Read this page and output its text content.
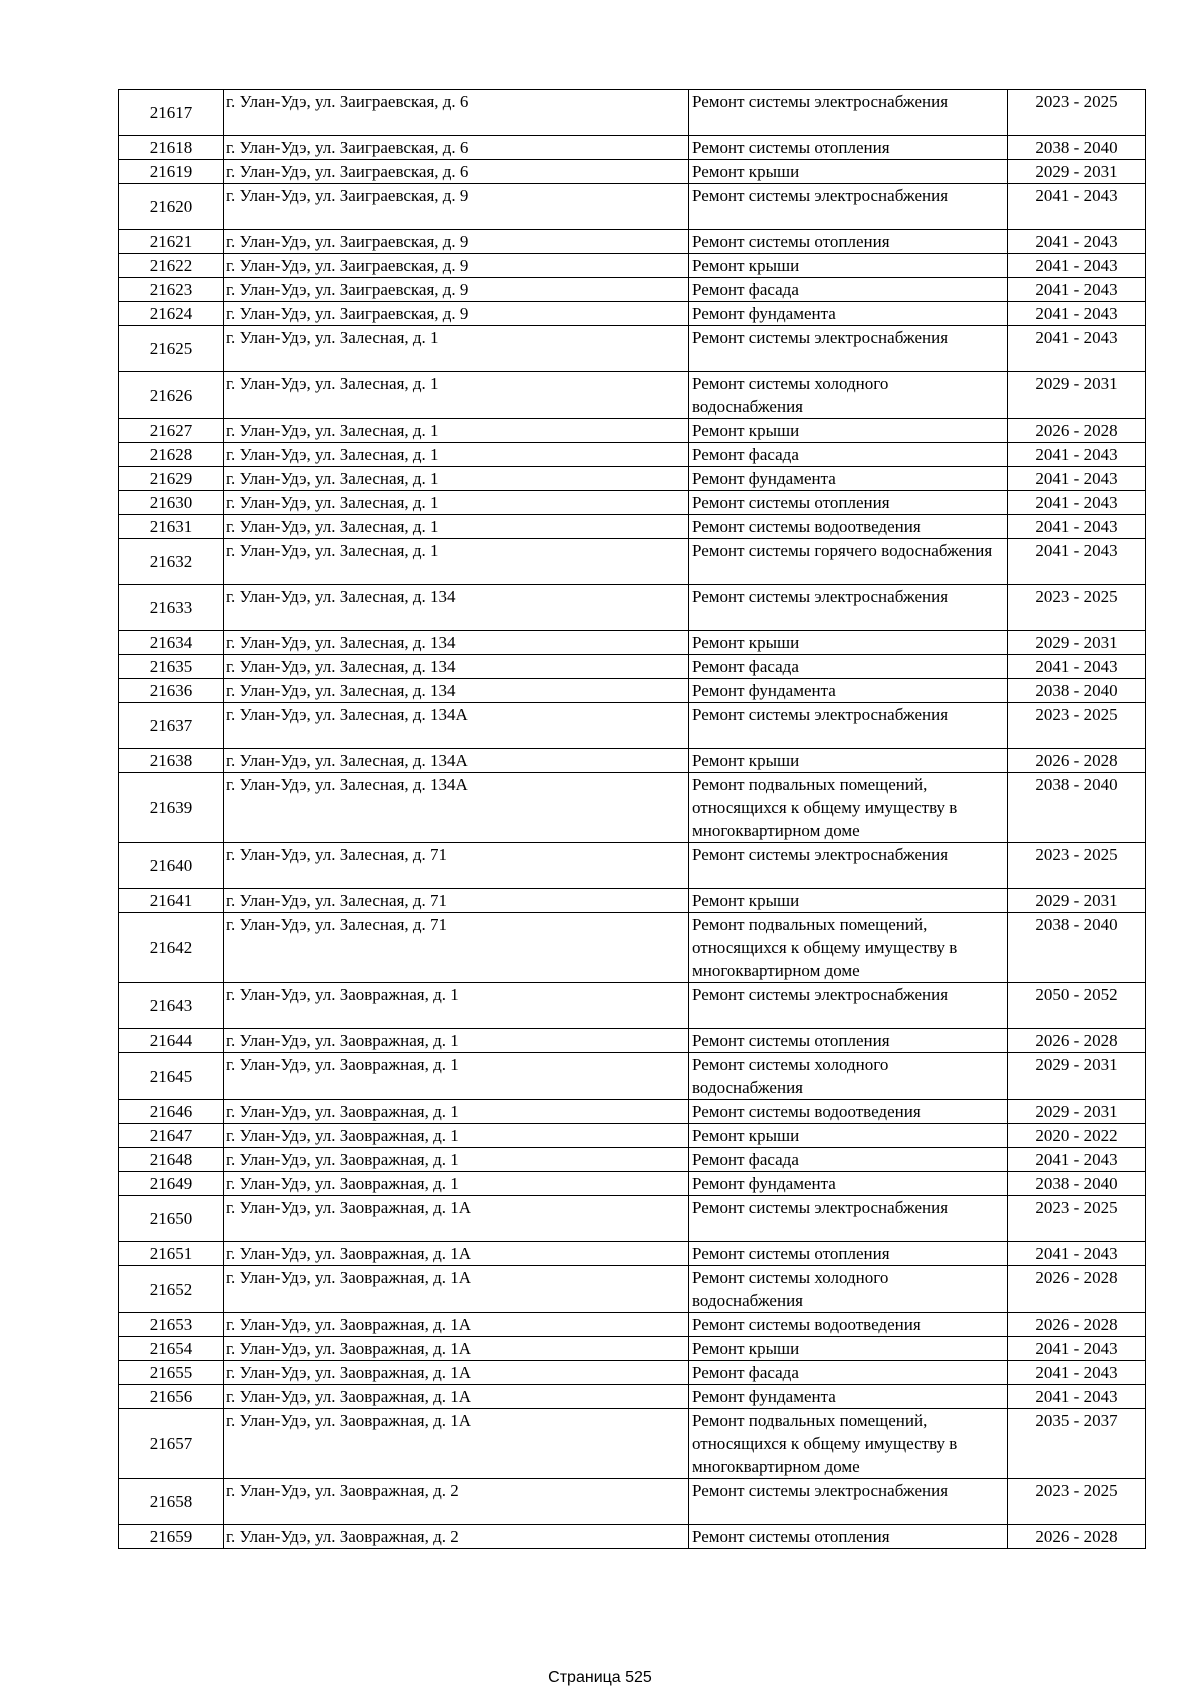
21617	г. Улан-Удэ, ул. Заиграевская, д. 6	Ремонт системы электроснабжения	2023 - 2025
21618	г. Улан-Удэ, ул. Заиграевская, д. 6	Ремонт системы отопления	2038 - 2040
21619	г. Улан-Удэ, ул. Заиграевская, д. 6	Ремонт крыши	2029 - 2031
21620	г. Улан-Удэ, ул. Заиграевская, д. 9	Ремонт системы электроснабжения	2041 - 2043
21621	г. Улан-Удэ, ул. Заиграевская, д. 9	Ремонт системы отопления	2041 - 2043
21622	г. Улан-Удэ, ул. Заиграевская, д. 9	Ремонт крыши	2041 - 2043
21623	г. Улан-Удэ, ул. Заиграевская, д. 9	Ремонт фасада	2041 - 2043
21624	г. Улан-Удэ, ул. Заиграевская, д. 9	Ремонт фундамента	2041 - 2043
21625	г. Улан-Удэ, ул. Залесная, д. 1	Ремонт системы электроснабжения	2041 - 2043
21626	г. Улан-Удэ, ул. Залесная, д. 1	Ремонт системы холодного водоснабжения	2029 - 2031
21627	г. Улан-Удэ, ул. Залесная, д. 1	Ремонт крыши	2026 - 2028
21628	г. Улан-Удэ, ул. Залесная, д. 1	Ремонт фасада	2041 - 2043
21629	г. Улан-Удэ, ул. Залесная, д. 1	Ремонт фундамента	2041 - 2043
21630	г. Улан-Удэ, ул. Залесная, д. 1	Ремонт системы отопления	2041 - 2043
21631	г. Улан-Удэ, ул. Залесная, д. 1	Ремонт системы водоотведения	2041 - 2043
21632	г. Улан-Удэ, ул. Залесная, д. 1	Ремонт системы горячего водоснабжения	2041 - 2043
21633	г. Улан-Удэ, ул. Залесная, д. 134	Ремонт системы электроснабжения	2023 - 2025
21634	г. Улан-Удэ, ул. Залесная, д. 134	Ремонт крыши	2029 - 2031
21635	г. Улан-Удэ, ул. Залесная, д. 134	Ремонт фасада	2041 - 2043
21636	г. Улан-Удэ, ул. Залесная, д. 134	Ремонт фундамента	2038 - 2040
21637	г. Улан-Удэ, ул. Залесная, д. 134А	Ремонт системы электроснабжения	2023 - 2025
21638	г. Улан-Удэ, ул. Залесная, д. 134А	Ремонт крыши	2026 - 2028
21639	г. Улан-Удэ, ул. Залесная, д. 134А	Ремонт подвальных помещений, относящихся к общему имуществу в многоквартирном доме	2038 - 2040
21640	г. Улан-Удэ, ул. Залесная, д. 71	Ремонт системы электроснабжения	2023 - 2025
21641	г. Улан-Удэ, ул. Залесная, д. 71	Ремонт крыши	2029 - 2031
21642	г. Улан-Удэ, ул. Залесная, д. 71	Ремонт подвальных помещений, относящихся к общему имуществу в многоквартирном доме	2038 - 2040
21643	г. Улан-Удэ, ул. Заовражная, д. 1	Ремонт системы электроснабжения	2050 - 2052
21644	г. Улан-Удэ, ул. Заовражная, д. 1	Ремонт системы отопления	2026 - 2028
21645	г. Улан-Удэ, ул. Заовражная, д. 1	Ремонт системы холодного водоснабжения	2029 - 2031
21646	г. Улан-Удэ, ул. Заовражная, д. 1	Ремонт системы водоотведения	2029 - 2031
21647	г. Улан-Удэ, ул. Заовражная, д. 1	Ремонт крыши	2020 - 2022
21648	г. Улан-Удэ, ул. Заовражная, д. 1	Ремонт фасада	2041 - 2043
21649	г. Улан-Удэ, ул. Заовражная, д. 1	Ремонт фундамента	2038 - 2040
21650	г. Улан-Удэ, ул. Заовражная, д. 1А	Ремонт системы электроснабжения	2023 - 2025
21651	г. Улан-Удэ, ул. Заовражная, д. 1А	Ремонт системы отопления	2041 - 2043
21652	г. Улан-Удэ, ул. Заовражная, д. 1А	Ремонт системы холодного водоснабжения	2026 - 2028
21653	г. Улан-Удэ, ул. Заовражная, д. 1А	Ремонт системы водоотведения	2026 - 2028
21654	г. Улан-Удэ, ул. Заовражная, д. 1А	Ремонт крыши	2041 - 2043
21655	г. Улан-Удэ, ул. Заовражная, д. 1А	Ремонт фасада	2041 - 2043
21656	г. Улан-Удэ, ул. Заовражная, д. 1А	Ремонт фундамента	2041 - 2043
21657	г. Улан-Удэ, ул. Заовражная, д. 1А	Ремонт подвальных помещений, относящихся к общему имуществу в многоквартирном доме	2035 - 2037
21658	г. Улан-Удэ, ул. Заовражная, д. 2	Ремонт системы электроснабжения	2023 - 2025
21659	г. Улан-Удэ, ул. Заовражная, д. 2	Ремонт системы отопления	2026 - 2028
Страница 525
